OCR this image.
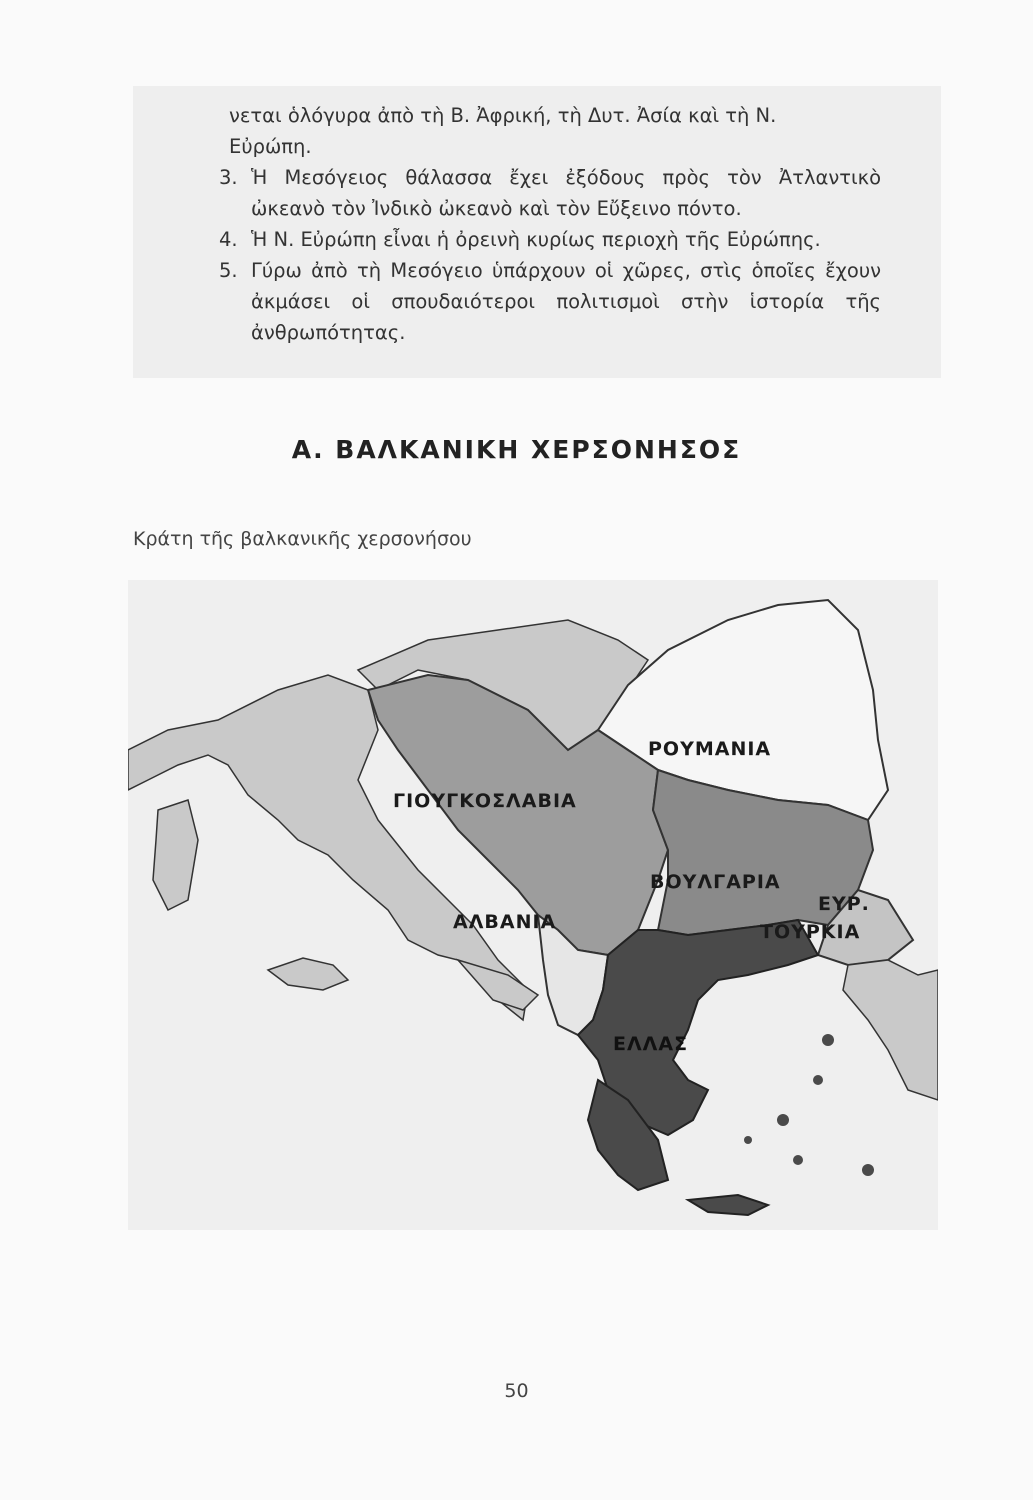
νεται ὁλόγυρα ἀπὸ τὴ Β. Ἀφρική, τὴ Δυτ. Ἀσία καὶ τὴ Ν.

Εὐρώπη.

3. Ἡ Μεσόγειος θάλασσα ἔχει ἐξόδους πρὸς τὸν Ἀτλαντικὸ ὠκεανὸ τὸν Ἰνδικὸ ὠκεανὸ καὶ τὸν Εὔξεινο πόντο.

4. Ἡ Ν. Εὐρώπη εἶναι ἡ ὀρεινὴ κυρίως περιοχὴ τῆς Εὐρώπης.

5. Γύρω ἀπὸ τὴ Μεσόγειο ὑπάρχουν οἱ χῶρες, στὶς ὁποῖες ἔχουν ἀκμάσει οἱ σπουδαιότεροι πολιτισμοὶ στὴν ἱστορία τῆς ἀνθρωπότητας.

Α. ΒΑΛΚΑΝΙΚΗ ΧΕΡΣΟΝΗΣΟΣ
Κράτη τῆς βαλκανικῆς χερσονήσου
ΡΟΥΜΑΝΙΑ
ΓΙΟΥΓΚΟΣΛΑΒΙΑ
ΒΟΥΛΓΑΡΙΑ
ΑΛΒΑΝΙΑ
ΕΥΡ.
ΤΟΥΡΚΙΑ
ΕΛΛΑΣ
50
